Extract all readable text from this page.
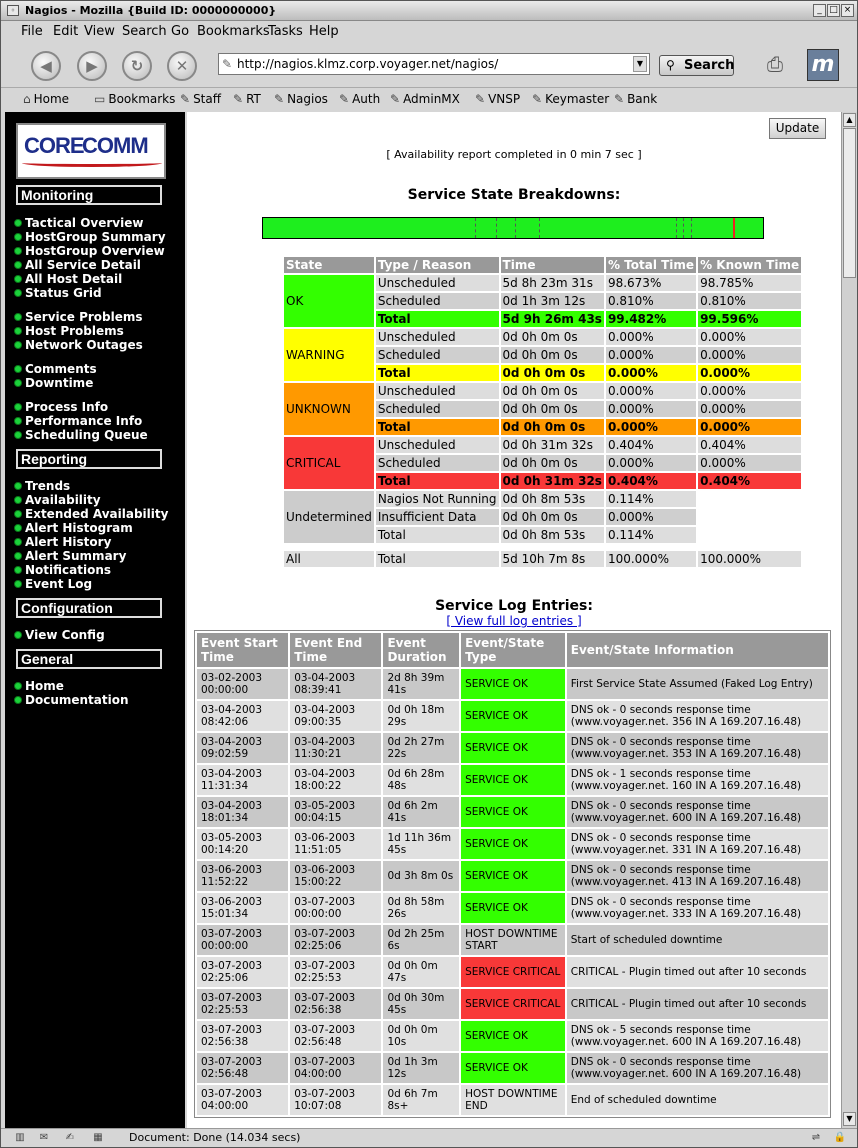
◦ Nagios - Mozilla {Build ID: 0000000000}	_ □ ×
File Edit View Search Go Bookmarks
Tasks Help
◀	▶	↻	✕	✎ http://nagios.klmz.corp.voyager.net/nagios/	▼	⚲ Search	⎙	m
⌂ Home ▭ Bookmarks ✎ Staff ✎ RT ✎ Nagios ✎ Auth ✎ AdminMX ✎ VNSP ✎ Keymaster ✎ Bank
CORE
COMM
Monitoring
Tactical Overview
HostGroup Summary
HostGroup Overview
All Service Detail
All Host Detail
Status Grid
Service Problems
Host Problems
Network Outages
Comments
Downtime
Process Info
Performance Info
Scheduling Queue
Reporting
Trends
Availability
Extended Availability
Alert Histogram
Alert History
Alert Summary
Notifications
Event Log
Configuration
View Config
General
Home
Documentation
Update
[ Availability report completed in 0 min 7 sec ]
Service State Breakdowns:
State	Type / Reason	Time	% Total Time	% Known Time
OK	Unscheduled	5d 8h 23m 31s	98.673%	98.785%
	Scheduled	0d 1h 3m 12s	0.810%	0.810%
	Total	5d 9h 26m 43s	99.482%	99.596%
WARNING	Unscheduled	0d 0h 0m 0s	0.000%	0.000%
	Scheduled	0d 0h 0m 0s	0.000%	0.000%
	Total	0d 0h 0m 0s	0.000%	0.000%
UNKNOWN	Unscheduled	0d 0h 0m 0s	0.000%	0.000%
	Scheduled	0d 0h 0m 0s	0.000%	0.000%
	Total	0d 0h 0m 0s	0.000%	0.000%
CRITICAL	Unscheduled	0d 0h 31m 32s	0.404%	0.404%
	Scheduled	0d 0h 0m 0s	0.000%	0.000%
	Total	0d 0h 31m 32s	0.404%	0.404%
Undetermined	Nagios Not Running	0d 0h 8m 53s	0.114%	
	Insufficient Data	0d 0h 0m 0s	0.000%	
	Total	0d 0h 8m 53s	0.114%	

All	Total	5d 10h 7m 8s	100.000%	100.000%
Service Log Entries:
[ View full log entries ]
Event Start Time	Event End Time	Event Duration	Event/State Type	Event/State Information
03-02-2003 00:00:00	03-04-2003 08:39:41	2d 8h 39m 41s	SERVICE OK	First Service State Assumed (Faked Log Entry)
03-04-2003 08:42:06	03-04-2003 09:00:35	0d 0h 18m 29s	SERVICE OK	DNS ok - 0 seconds response time (www.voyager.net. 356 IN A 169.207.16.48)
03-04-2003 09:02:59	03-04-2003 11:30:21	0d 2h 27m 22s	SERVICE OK	DNS ok - 0 seconds response time (www.voyager.net. 353 IN A 169.207.16.48)
03-04-2003 11:31:34	03-04-2003 18:00:22	0d 6h 28m 48s	SERVICE OK	DNS ok - 1 seconds response time (www.voyager.net. 160 IN A 169.207.16.48)
03-04-2003 18:01:34	03-05-2003 00:04:15	0d 6h 2m 41s	SERVICE OK	DNS ok - 0 seconds response time (www.voyager.net. 600 IN A 169.207.16.48)
03-05-2003 00:14:20	03-06-2003 11:51:05	1d 11h 36m 45s	SERVICE OK	DNS ok - 0 seconds response time (www.voyager.net. 331 IN A 169.207.16.48)
03-06-2003 11:52:22	03-06-2003 15:00:22	0d 3h 8m 0s	SERVICE OK	DNS ok - 0 seconds response time (www.voyager.net. 413 IN A 169.207.16.48)
03-06-2003 15:01:34	03-07-2003 00:00:00	0d 8h 58m 26s	SERVICE OK	DNS ok - 0 seconds response time (www.voyager.net. 333 IN A 169.207.16.48)
03-07-2003 00:00:00	03-07-2003 02:25:06	0d 2h 25m 6s	HOST DOWNTIME START	Start of scheduled downtime
03-07-2003 02:25:06	03-07-2003 02:25:53	0d 0h 0m 47s	SERVICE CRITICAL	CRITICAL - Plugin timed out after 10 seconds
03-07-2003 02:25:53	03-07-2003 02:56:38	0d 0h 30m 45s	SERVICE CRITICAL	CRITICAL - Plugin timed out after 10 seconds
03-07-2003 02:56:38	03-07-2003 02:56:48	0d 0h 0m 10s	SERVICE OK	DNS ok - 5 seconds response time (www.voyager.net. 600 IN A 169.207.16.48)
03-07-2003 02:56:48	03-07-2003 04:00:00	0d 1h 3m 12s	SERVICE OK	DNS ok - 0 seconds response time (www.voyager.net. 600 IN A 169.207.16.48)
03-07-2003 04:00:00	03-07-2003 10:07:08	0d 6h 7m 8s+	HOST DOWNTIME END	End of scheduled downtime
▲
▼
▥	✉	✍	▦	Document: Done (14.034 secs)	⇌	🔒
